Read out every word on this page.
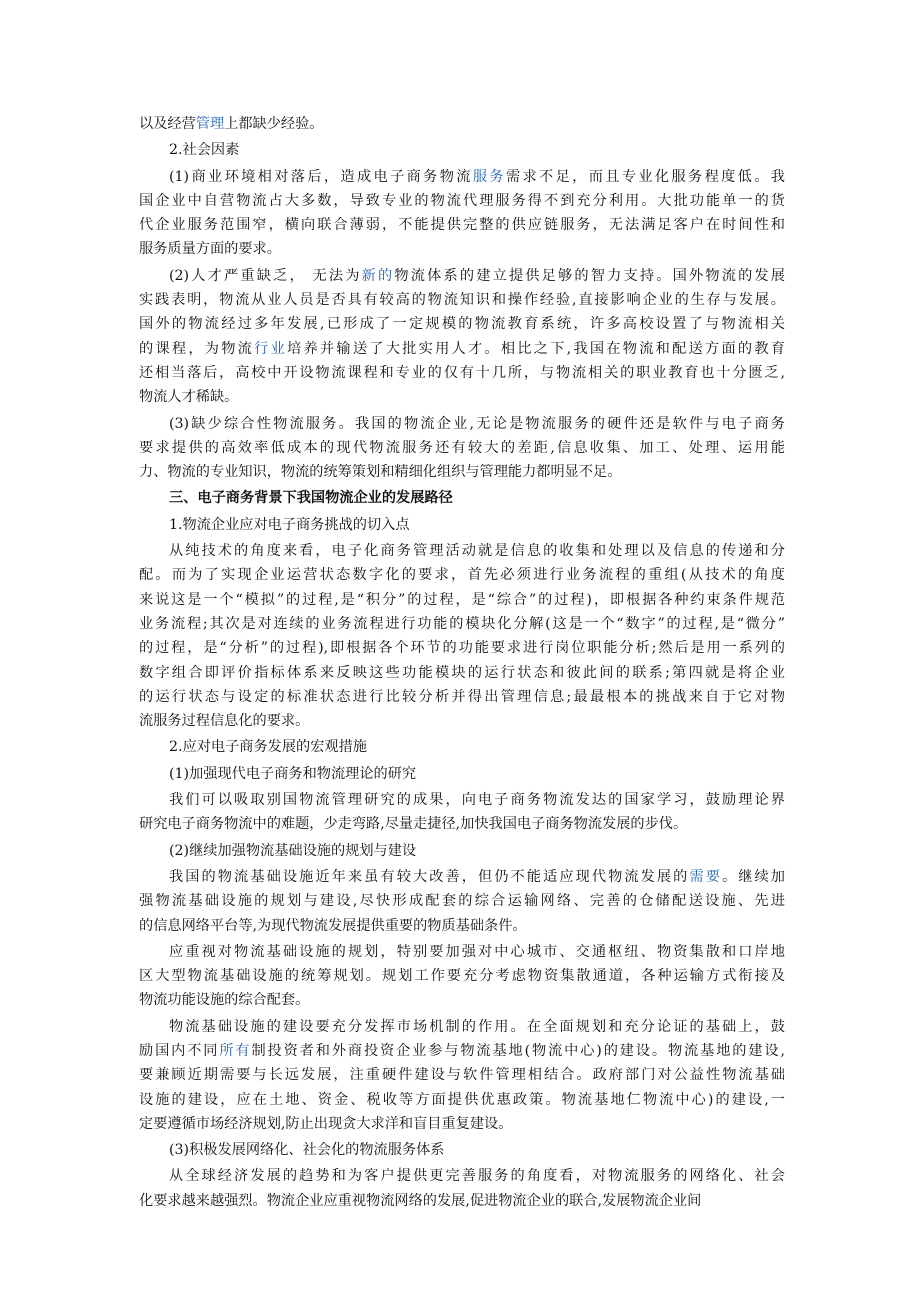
以及经营管理上都缺少经验。
2.社会因素
(1)商业环境相对落后，造成电子商务物流服务需求不足，而且专业化服务程度低。我
国企业中自营物流占大多数，导致专业的物流代理服务得不到充分利用。大批功能单一的货
代企业服务范围窄，横向联合薄弱，不能提供完整的供应链服务，无法满足客户在时间性和
服务质量方面的要求。
(2)人才严重缺乏， 无法为新的物流体系的建立提供足够的智力支持。国外物流的发展
实践表明，物流从业人员是否具有较高的物流知识和操作经验,直接影响企业的生存与发展。
国外的物流经过多年发展,已形成了一定规模的物流教育系统，许多高校设置了与物流相关
的课程，为物流行业培养并输送了大批实用人才。相比之下,我国在物流和配送方面的教育
还相当落后，高校中开设物流课程和专业的仅有十几所，与物流相关的职业教育也十分匮乏,
物流人才稀缺。
(3)缺少综合性物流服务。我国的物流企业,无论是物流服务的硬件还是软件与电子商务
要求提供的高效率低成本的现代物流服务还有较大的差距,信息收集、加工、处理、运用能
力、物流的专业知识，物流的统筹策划和精细化组织与管理能力都明显不足。
三、电子商务背景下我国物流企业的发展路径
1.物流企业应对电子商务挑战的切入点
从纯技术的角度来看，电子化商务管理活动就是信息的收集和处理以及信息的传递和分
配。而为了实现企业运营状态数字化的要求，首先必须进行业务流程的重组(从技术的角度
来说这是一个“模拟”的过程,是“积分”的过程，是“综合”的过程)，即根据各种约束条件规范
业务流程;其次是对连续的业务流程进行功能的模块化分解(这是一个“数字”的过程,是“微分”
的过程，是“分析”的过程),即根据各个环节的功能要求进行岗位职能分析;然后是用一系列的
数字组合即评价指标体系来反映这些功能模块的运行状态和彼此间的联系;第四就是将企业
的运行状态与设定的标准状态进行比较分析并得出管理信息;最最根本的挑战来自于它对物
流服务过程信息化的要求。
2.应对电子商务发展的宏观措施
(1)加强现代电子商务和物流理论的研究
我们可以吸取别国物流管理研究的成果，向电子商务物流发达的国家学习，鼓励理论界
研究电子商务物流中的难题，少走弯路,尽量走捷径,加快我国电子商务物流发展的步伐。
(2)继续加强物流基础设施的规划与建设
我国的物流基础设施近年来虽有较大改善，但仍不能适应现代物流发展的需要。继续加
强物流基础设施的规划与建设,尽快形成配套的综合运输网络、完善的仓储配送设施、先进
的信息网络平台等,为现代物流发展提供重要的物质基础条件。
应重视对物流基础设施的规划，特别要加强对中心城市、交通枢纽、物资集散和口岸地
区大型物流基础设施的统筹规划。规划工作要充分考虑物资集散通道，各种运输方式衔接及
物流功能设施的综合配套。
物流基础设施的建设要充分发挥市场机制的作用。在全面规划和充分论证的基础上，鼓
励国内不同所有制投资者和外商投资企业参与物流基地(物流中心)的建设。物流基地的建设,
要兼顾近期需要与长远发展，注重硬件建设与软件管理相结合。政府部门对公益性物流基础
设施的建设，应在土地、资金、税收等方面提供优惠政策。物流基地仁物流中心)的建设,一
定要遵循市场经济规划,防止出现贪大求洋和盲目重复建设。
(3)积极发展网络化、社会化的物流服务体系
从全球经济发展的趋势和为客户提供更完善服务的角度看，对物流服务的网络化、社会
化要求越来越强烈。物流企业应重视物流网络的发展,促进物流企业的联合,发展物流企业间
